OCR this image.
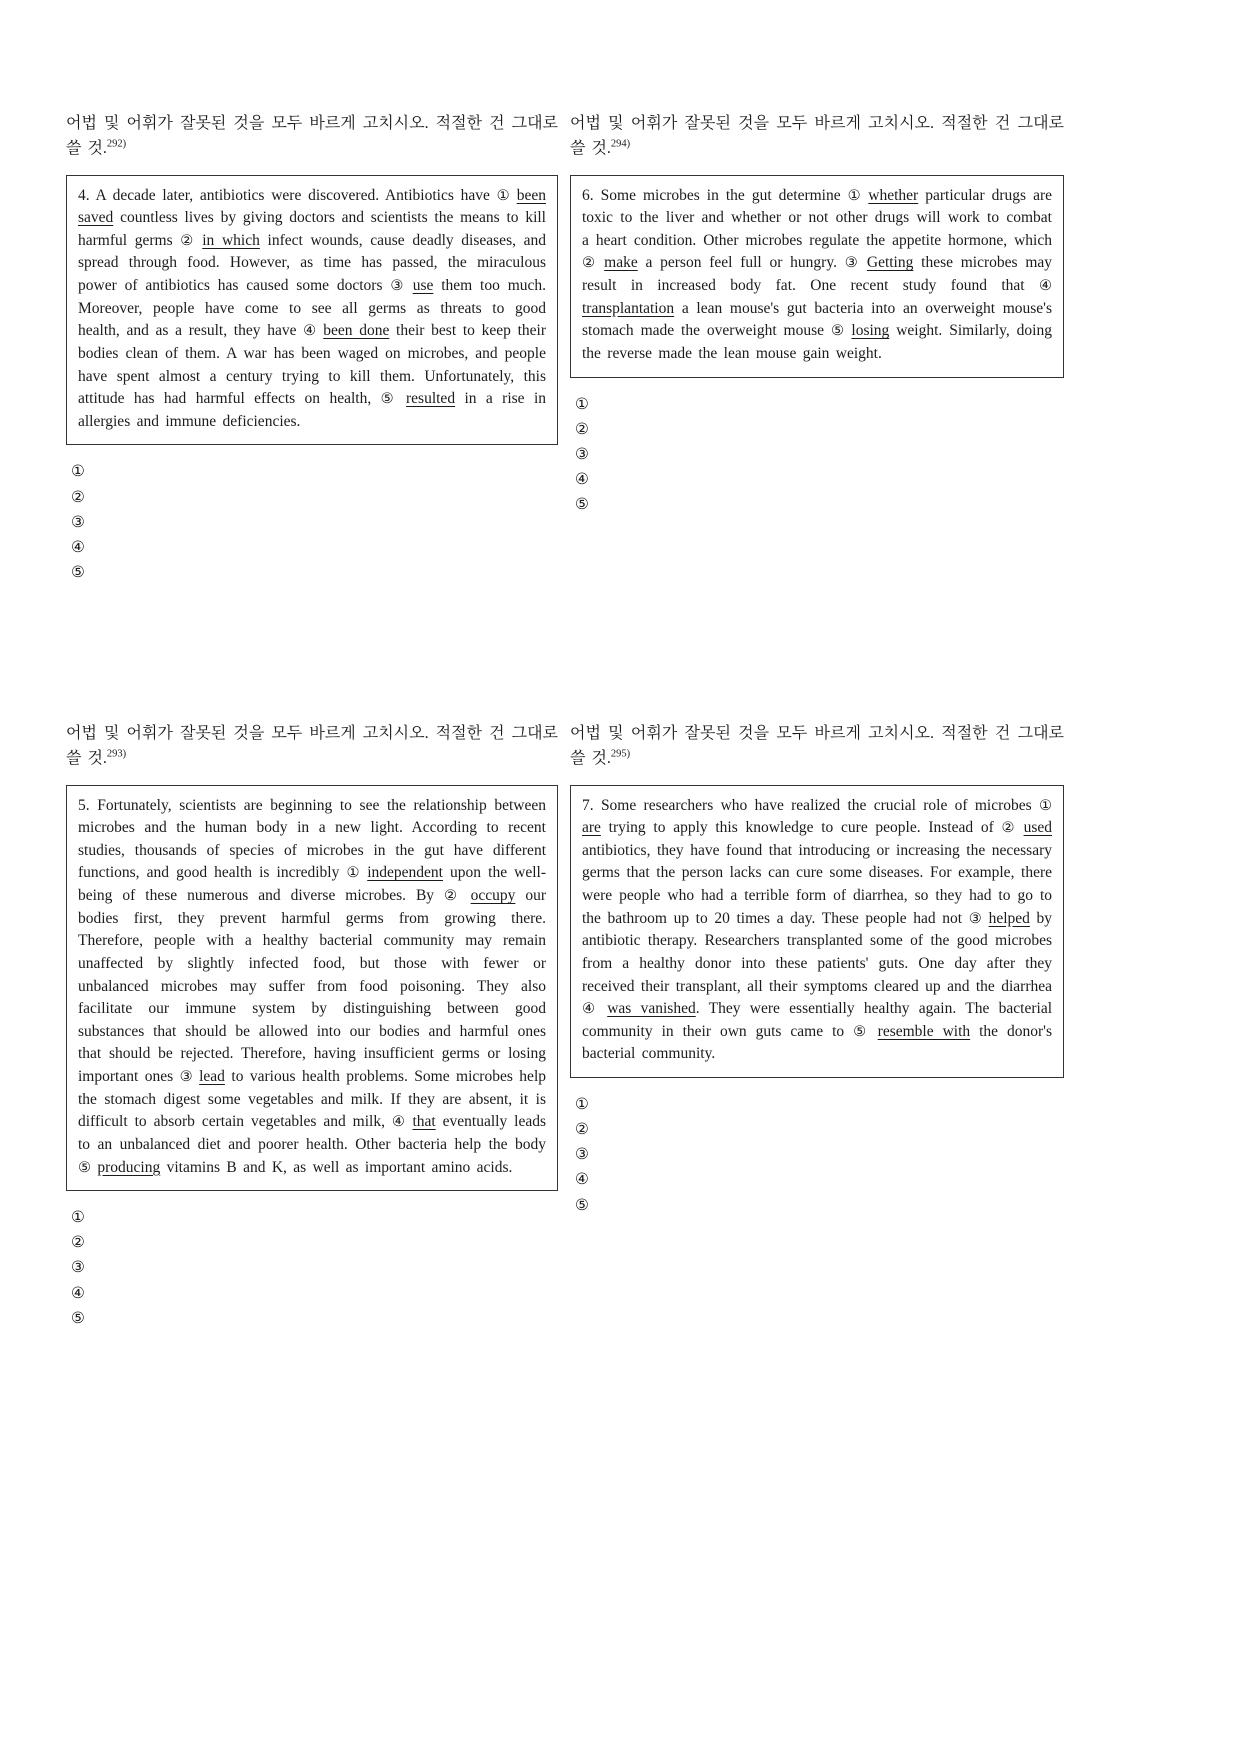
어법 및 어휘가 잘못된 것을 모두 바르게 고치시오. 적절한 건 그대로 쓸 것.$^{292)}$

4. A decade later, antibiotics were discovered. Antibiotics have ① been saved countless lives by giving doctors and scientists the means to kill harmful germs ② in which infect wounds, cause deadly diseases, and spread through food. However, as time has passed, the miraculous power of antibiotics has caused some doctors ③ use them too much. Moreover, people have come to see all germs as threats to good health, and as a result, they have ④ been done their best to keep their bodies clean of them. A war has been waged on microbes, and people have spent almost a century trying to kill them. Unfortunately, this attitude has had harmful effects on health, ⑤ resulted in a rise in allergies and immune deficiencies.
①
②
③
④
⑤

어법 및 어휘가 잘못된 것을 모두 바르게 고치시오. 적절한 건 그대로 쓸 것.$^{294)}$

6. Some microbes in the gut determine ① whether particular drugs are toxic to the liver and whether or not other drugs will work to combat a heart condition. Other microbes regulate the appetite hormone, which ② make a person feel full or hungry. ③ Getting these microbes may result in increased body fat. One recent study found that ④ transplantation a lean mouse's gut bacteria into an overweight mouse's stomach made the overweight mouse ⑤ losing weight. Similarly, doing the reverse made the lean mouse gain weight.
①
②
③
④
⑤

어법 및 어휘가 잘못된 것을 모두 바르게 고치시오. 적절한 건 그대로 쓸 것.$^{293)}$

5. Fortunately, scientists are beginning to see the relationship between microbes and the human body in a new light. According to recent studies, thousands of species of microbes in the gut have different functions, and good health is incredibly ① independent upon the well-being of these numerous and diverse microbes. By ② occupy our bodies first, they prevent harmful germs from growing there. Therefore, people with a healthy bacterial community may remain unaffected by slightly infected food, but those with fewer or unbalanced microbes may suffer from food poisoning. They also facilitate our immune system by distinguishing between good substances that should be allowed into our bodies and harmful ones that should be rejected. Therefore, having insufficient germs or losing important ones ③ lead to various health problems. Some microbes help the stomach digest some vegetables and milk. If they are absent, it is difficult to absorb certain vegetables and milk, ④ that eventually leads to an unbalanced diet and poorer health. Other bacteria help the body ⑤ producing vitamins B and K, as well as important amino acids.
①
②
③
④
⑤

어법 및 어휘가 잘못된 것을 모두 바르게 고치시오. 적절한 건 그대로 쓸 것.$^{295)}$

7. Some researchers who have realized the crucial role of microbes ① are trying to apply this knowledge to cure people. Instead of ② used antibiotics, they have found that introducing or increasing the necessary germs that the person lacks can cure some diseases. For example, there were people who had a terrible form of diarrhea, so they had to go to the bathroom up to 20 times a day. These people had not ③ helped by antibiotic therapy. Researchers transplanted some of the good microbes from a healthy donor into these patients' guts. One day after they received their transplant, all their symptoms cleared up and the diarrhea ④ was vanished. They were essentially healthy again. The bacterial community in their own guts came to ⑤ resemble with the donor's bacterial community.
①
②
③
④
⑤
